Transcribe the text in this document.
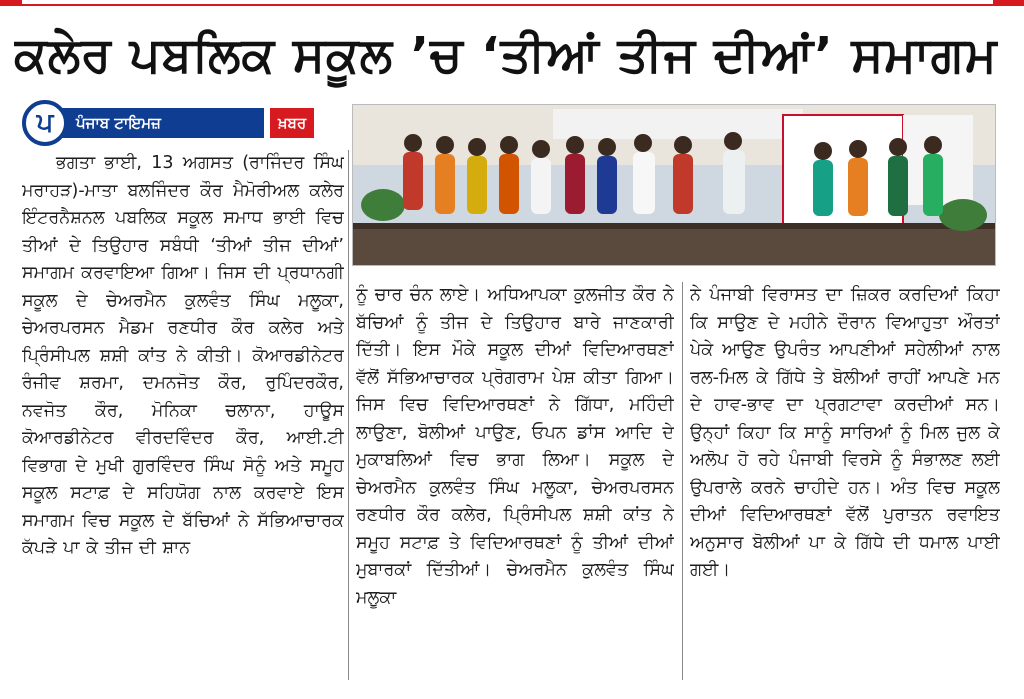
ਕਲੇਰ ਪਬਲਿਕ ਸਕੂਲ ’ਚ ‘ਤੀਆਂ ਤੀਜ ਦੀਆਂ’ ਸਮਾਗਮ
ਪ	ਪੰਜਾਬ ਟਾਇਮਜ਼	ਖ਼ਬਰ

ਭਗਤਾ ਭਾਈ, 13 ਅਗਸਤ (ਰਾਜਿੰਦਰ ਸਿੰਘ ਮਰਾਹੜ)-ਮਾਤਾ ਬਲਜਿੰਦਰ ਕੌਰ ਮੈਮੋਰੀਅਲ ਕਲੇਰ ਇੰਟਰਨੈਸ਼ਨਲ ਪਬਲਿਕ ਸਕੂਲ ਸਮਾਧ ਭਾਈ ਵਿਚ ਤੀਆਂ ਦੇ ਤਿਉਹਾਰ ਸਬੰਧੀ ‘ਤੀਆਂ ਤੀਜ ਦੀਆਂ’ ਸਮਾਗਮ ਕਰਵਾਇਆ ਗਿਆ। ਜਿਸ ਦੀ ਪ੍ਰਧਾਨਗੀ ਸਕੂਲ ਦੇ ਚੇਅਰਮੈਨ ਕੁਲਵੰਤ ਸਿੰਘ ਮਲੂਕਾ, ਚੇਅਰਪਰਸਨ ਮੈਡਮ ਰਣਧੀਰ ਕੌਰ ਕਲੇਰ ਅਤੇ ਪ੍ਰਿੰਸੀਪਲ ਸ਼ਸ਼ੀ ਕਾਂਤ ਨੇ ਕੀਤੀ। ਕੋਆਰਡੀਨੇਟਰ ਰੰਜੀਵ ਸ਼ਰਮਾ, ਦਮਨਜੋਤ ਕੌਰ, ਰੁਪਿੰਦਰਕੌਰ, ਨਵਜੋਤ ਕੌਰ, ਮੋਨਿਕਾ ਚਲਾਨਾ, ਹਾਊਸ ਕੋਆਰਡੀਨੇਟਰ ਵੀਰਦਵਿੰਦਰ ਕੌਰ, ਆਈ.ਟੀ ਵਿਭਾਗ ਦੇ ਮੁਖੀ ਗੁਰਵਿੰਦਰ ਸਿੰਘ ਸੋਨੂੰ ਅਤੇ ਸਮੂਹ ਸਕੂਲ ਸਟਾਫ਼ ਦੇ ਸਹਿਯੋਗ ਨਾਲ ਕਰਵਾਏ ਇਸ ਸਮਾਗਮ ਵਿਚ ਸਕੂਲ ਦੇ ਬੱਚਿਆਂ ਨੇ ਸੱਭਿਆਚਾਰਕ ਕੱਪੜੇ ਪਾ ਕੇ ਤੀਜ ਦੀ ਸ਼ਾਨ

ਨੂੰ ਚਾਰ ਚੰਨ ਲਾਏ। ਅਧਿਆਪਕਾ ਕੁਲਜੀਤ ਕੌਰ ਨੇ ਬੱਚਿਆਂ ਨੂੰ ਤੀਜ ਦੇ ਤਿਉਹਾਰ ਬਾਰੇ ਜਾਣਕਾਰੀ ਦਿੱਤੀ। ਇਸ ਮੌਕੇ ਸਕੂਲ ਦੀਆਂ ਵਿਦਿਆਰਥਣਾਂ ਵੱਲੋਂ ਸੱਭਿਆਚਾਰਕ ਪ੍ਰੋਗਰਾਮ ਪੇਸ਼ ਕੀਤਾ ਗਿਆ। ਜਿਸ ਵਿਚ ਵਿਦਿਆਰਥਣਾਂ ਨੇ ਗਿੱਧਾ, ਮਹਿੰਦੀ ਲਾਉਣਾ, ਬੋਲੀਆਂ ਪਾਉਣ, ਓਪਨ ਡਾਂਸ ਆਦਿ ਦੇ ਮੁਕਾਬਲਿਆਂ ਵਿਚ ਭਾਗ ਲਿਆ। ਸਕੂਲ ਦੇ ਚੇਅਰਮੈਨ ਕੁਲਵੰਤ ਸਿੰਘ ਮਲੂਕਾ, ਚੇਅਰਪਰਸਨ ਰਣਧੀਰ ਕੌਰ ਕਲੇਰ, ਪ੍ਰਿੰਸੀਪਲ ਸ਼ਸ਼ੀ ਕਾਂਤ ਨੇ ਸਮੂਹ ਸਟਾਫ਼ ਤੇ ਵਿਦਿਆਰਥਣਾਂ ਨੂੰ ਤੀਆਂ ਦੀਆਂ ਮੁਬਾਰਕਾਂ ਦਿੱਤੀਆਂ। ਚੇਅਰਮੈਨ ਕੁਲਵੰਤ ਸਿੰਘ ਮਲੂਕਾ

ਨੇ ਪੰਜਾਬੀ ਵਿਰਾਸਤ ਦਾ ਜ਼ਿਕਰ ਕਰਦਿਆਂ ਕਿਹਾ ਕਿ ਸਾਉਣ ਦੇ ਮਹੀਨੇ ਦੌਰਾਨ ਵਿਆਹੁਤਾ ਔਰਤਾਂ ਪੇਕੇ ਆਉਣ ਉਪਰੰਤ ਆਪਣੀਆਂ ਸਹੇਲੀਆਂ ਨਾਲ ਰਲ-ਮਿਲ ਕੇ ਗਿੱਧੇ ਤੇ ਬੋਲੀਆਂ ਰਾਹੀਂ ਆਪਣੇ ਮਨ ਦੇ ਹਾਵ-ਭਾਵ ਦਾ ਪ੍ਰਗਟਾਵਾ ਕਰਦੀਆਂ ਸਨ। ਉਨ੍ਹਾਂ ਕਿਹਾ ਕਿ ਸਾਨੂੰ ਸਾਰਿਆਂ ਨੂੰ ਮਿਲ ਜੁਲ ਕੇ ਅਲੋਪ ਹੋ ਰਹੇ ਪੰਜਾਬੀ ਵਿਰਸੇ ਨੂੰ ਸੰਭਾਲਣ ਲਈ ਉਪਰਾਲੇ ਕਰਨੇ ਚਾਹੀਦੇ ਹਨ। ਅੰਤ ਵਿਚ ਸਕੂਲ ਦੀਆਂ ਵਿਦਿਆਰਥਣਾਂ ਵੱਲੋਂ ਪੁਰਾਤਨ ਰਵਾਇਤ ਅਨੁਸਾਰ ਬੋਲੀਆਂ ਪਾ ਕੇ ਗਿੱਧੇ ਦੀ ਧਮਾਲ ਪਾਈ ਗਈ।
